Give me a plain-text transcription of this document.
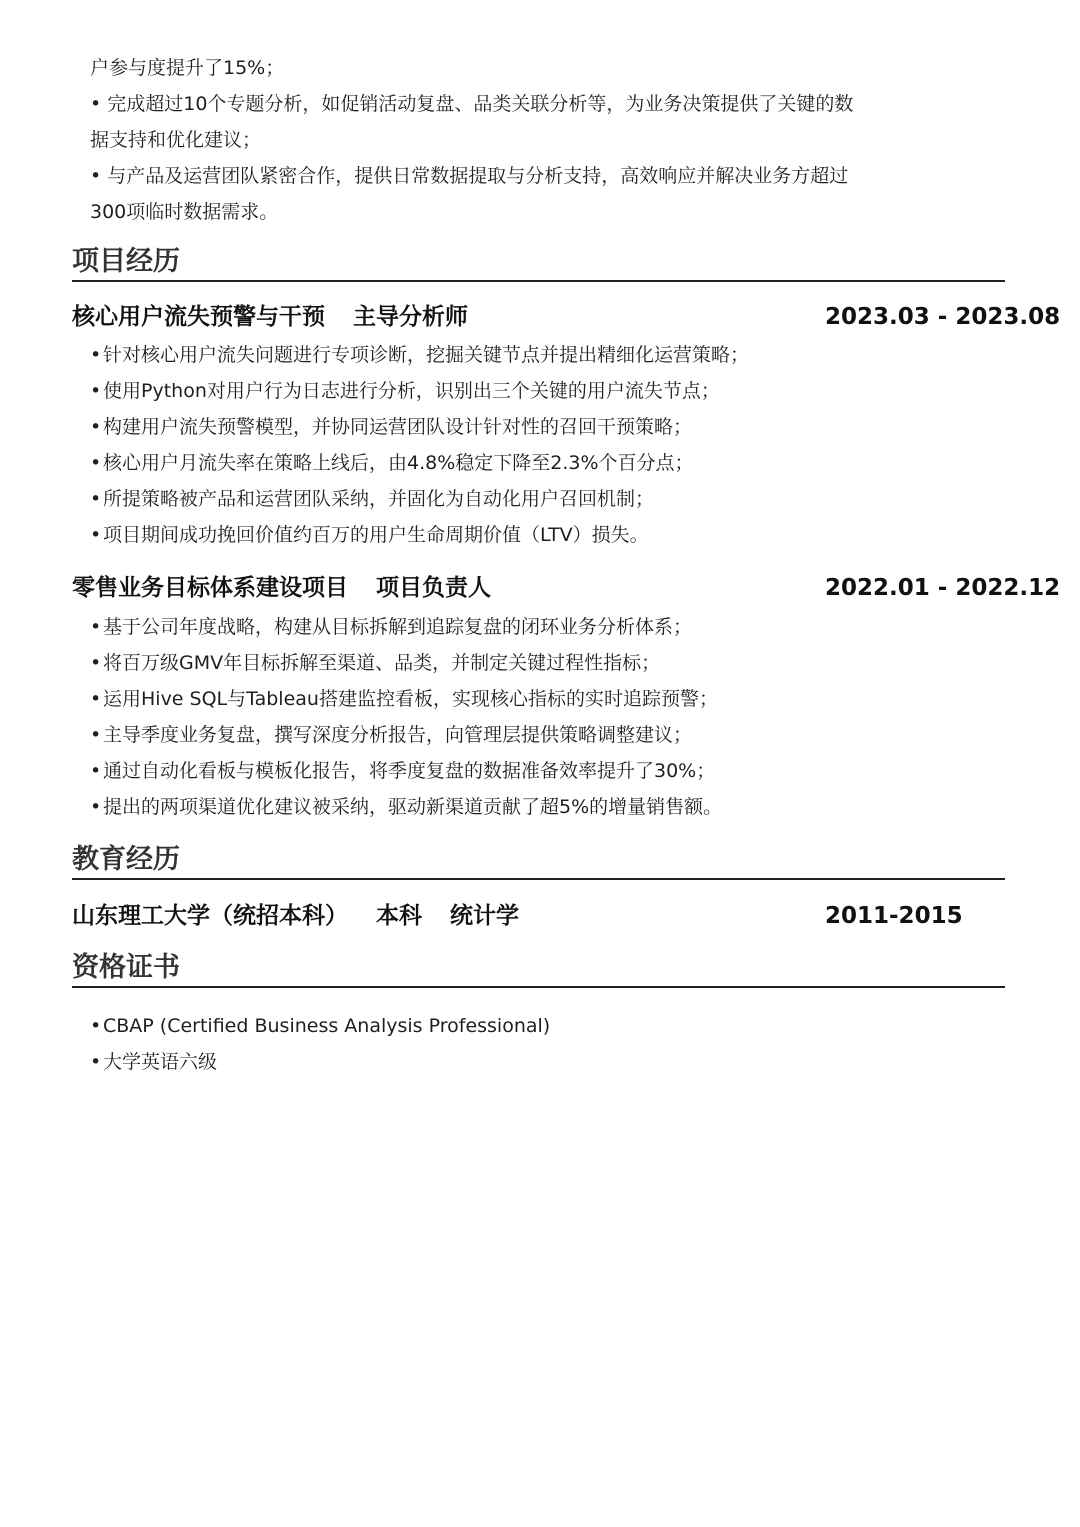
户参与度提升了15%；
• 完成超过10个专题分析，如促销活动复盘、品类关联分析等，为业务决策提供了关键的数
据支持和优化建议；
• 与产品及运营团队紧密合作，提供日常数据提取与分析支持，高效响应并解决业务方超过
300项临时数据需求。
项目经历
核心用户流失预警与干预 主导分析师	2023.03 - 2023.08
•针对核心用户流失问题进行专项诊断，挖掘关键节点并提出精细化运营策略；
•使用Python对用户行为日志进行分析，识别出三个关键的用户流失节点；
•构建用户流失预警模型，并协同运营团队设计针对性的召回干预策略；
•核心用户月流失率在策略上线后，由4.8%稳定下降至2.3%个百分点；
•所提策略被产品和运营团队采纳，并固化为自动化用户召回机制；
•项目期间成功挽回价值约百万的用户生命周期价值（LTV）损失。
零售业务目标体系建设项目 项目负责人	2022.01 - 2022.12
•基于公司年度战略，构建从目标拆解到追踪复盘的闭环业务分析体系；
•将百万级GMV年目标拆解至渠道、品类，并制定关键过程性指标；
•运用Hive SQL与Tableau搭建监控看板，实现核心指标的实时追踪预警；
•主导季度业务复盘，撰写深度分析报告，向管理层提供策略调整建议；
•通过自动化看板与模板化报告，将季度复盘的数据准备效率提升了30%；
•提出的两项渠道优化建议被采纳，驱动新渠道贡献了超5%的增量销售额。
教育经历
山东理工大学（统招本科） 本科 统计学	2011-2015
资格证书
•CBAP (Certified Business Analysis Professional)
•大学英语六级
